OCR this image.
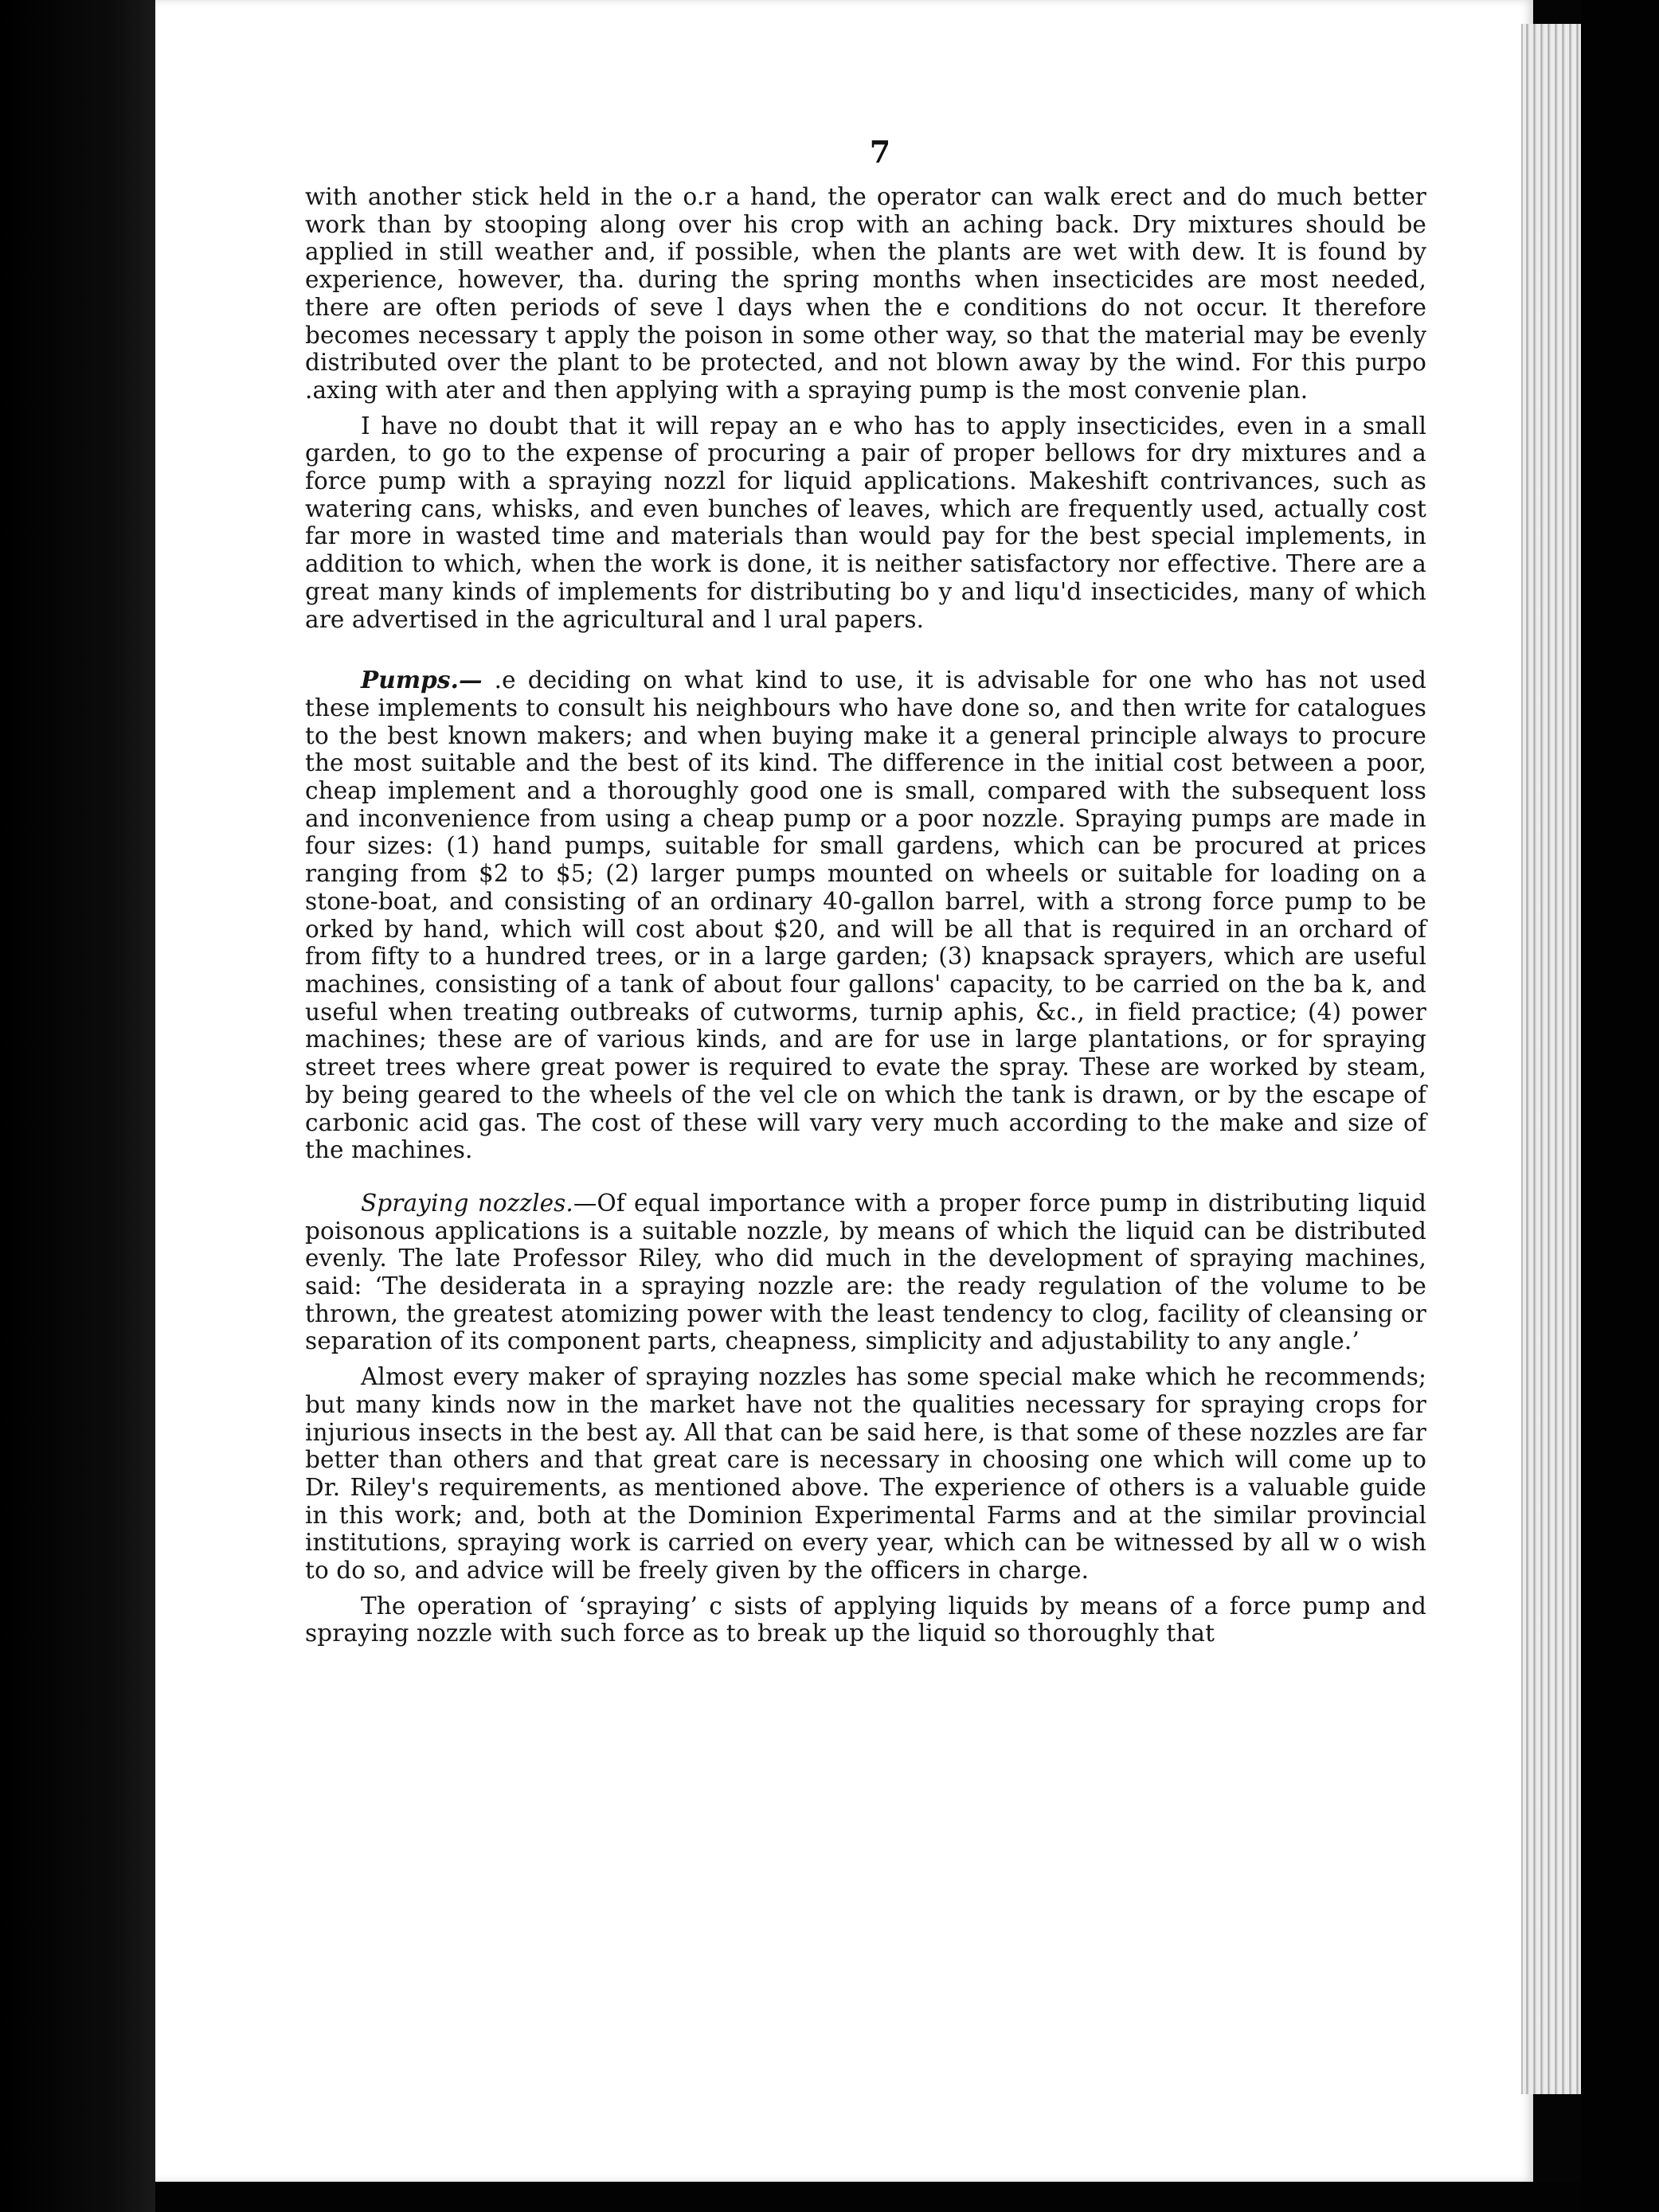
7

with another stick held in the o.r a hand, the operator can walk erect and do much better work than by stooping along over his crop with an aching back. Dry mixtures should be applied in still weather and, if possible, when the plants are wet with dew. It is found by experience, however, tha. during the spring months when insecticides are most needed, there are often periods of seve l days when the e conditions do not occur. It therefore becomes necessary t apply the poison in some other way, so that the material may be evenly distributed over the plant to be protected, and not blown away by the wind. For this purpo .axing with ater and then applying with a spraying pump is the most convenie plan.

I have no doubt that it will repay an e who has to apply insecticides, even in a small garden, to go to the expense of procuring a pair of proper bellows for dry mixtures and a force pump with a spraying nozzl for liquid applications. Makeshift contrivances, such as watering cans, whisks, and even bunches of leaves, which are frequently used, actually cost far more in wasted time and materials than would pay for the best special implements, in addition to which, when the work is done, it is neither satisfactory nor effective. There are a great many kinds of implements for distributing bo y and liqu'd insecticides, many of which are advertised in the agricultural and l ural papers.

Pumps.— .e deciding on what kind to use, it is advisable for one who has not used these implements to consult his neighbours who have done so, and then write for catalogues to the best known makers; and when buying make it a general principle always to procure the most suitable and the best of its kind. The difference in the initial cost between a poor, cheap implement and a thoroughly good one is small, compared with the subsequent loss and inconvenience from using a cheap pump or a poor nozzle. Spraying pumps are made in four sizes: (1) hand pumps, suitable for small gardens, which can be procured at prices ranging from $2 to $5; (2) larger pumps mounted on wheels or suitable for loading on a stone-boat, and consisting of an ordinary 40-gallon barrel, with a strong force pump to be orked by hand, which will cost about $20, and will be all that is required in an orchard of from fifty to a hundred trees, or in a large garden; (3) knapsack sprayers, which are useful machines, consisting of a tank of about four gallons' capacity, to be carried on the ba k, and useful when treating outbreaks of cutworms, turnip aphis, &c., in field practice; (4) power machines; these are of various kinds, and are for use in large plantations, or for spraying street trees where great power is required to evate the spray. These are worked by steam, by being geared to the wheels of the vel cle on which the tank is drawn, or by the escape of carbonic acid gas. The cost of these will vary very much according to the make and size of the machines.

Spraying nozzles.—Of equal importance with a proper force pump in distributing liquid poisonous applications is a suitable nozzle, by means of which the liquid can be distributed evenly. The late Professor Riley, who did much in the development of spraying machines, said: ‘The desiderata in a spraying nozzle are: the ready regulation of the volume to be thrown, the greatest atomizing power with the least tendency to clog, facility of cleansing or separation of its component parts, cheapness, simplicity and adjustability to any angle.’

Almost every maker of spraying nozzles has some special make which he recommends; but many kinds now in the market have not the qualities necessary for spraying crops for injurious insects in the best ay. All that can be said here, is that some of these nozzles are far better than others and that great care is necessary in choosing one which will come up to Dr. Riley's requirements, as mentioned above. The experience of others is a valuable guide in this work; and, both at the Dominion Experimental Farms and at the similar provincial institutions, spraying work is carried on every year, which can be witnessed by all w o wish to do so, and advice will be freely given by the officers in charge.

The operation of ‘spraying’ c sists of applying liquids by means of a force pump and spraying nozzle with such force as to break up the liquid so thoroughly that
